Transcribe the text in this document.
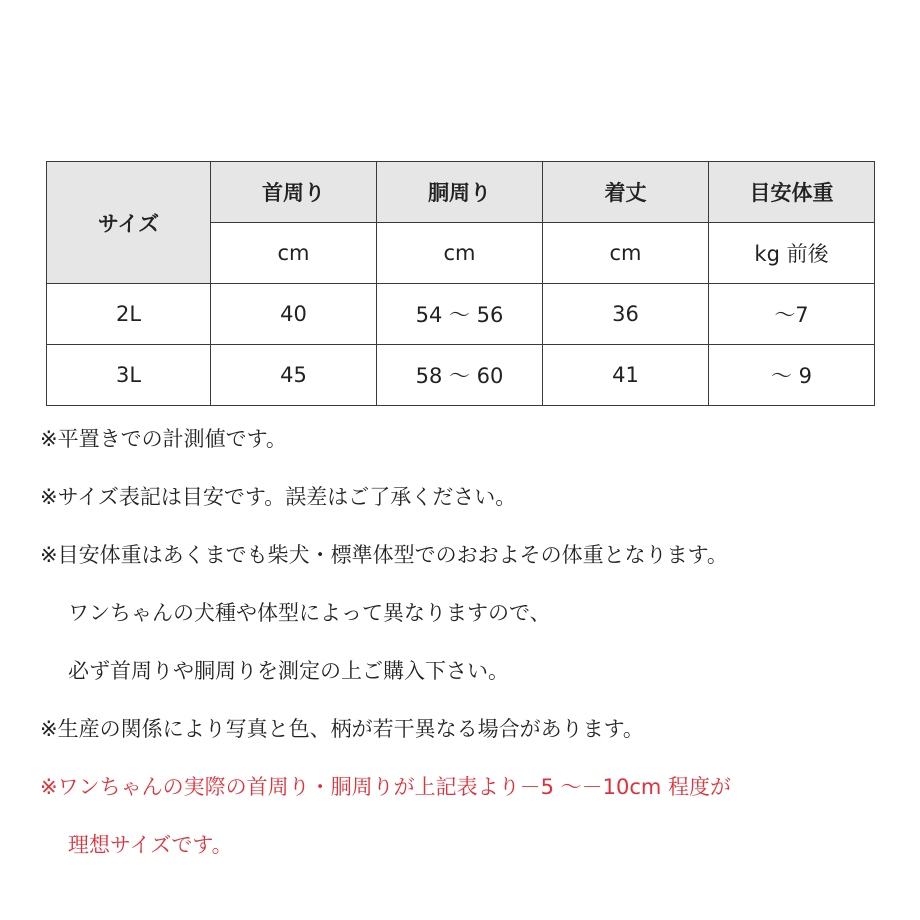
サイズ	首周り	胴周り	着丈	目安体重
	cm	cm	cm	kg 前後
2L	40	54 ～ 56	36	～7
3L	45	58 ～ 60	41	～ 9
※平置きでの計測値です。
※サイズ表記は目安です。誤差はご了承ください。
※目安体重はあくまでも柴犬・標準体型でのおおよその体重となります。
ワンちゃんの犬種や体型によって異なりますので、
必ず首周りや胴周りを測定の上ご購入下さい。
※生産の関係により写真と色、柄が若干異なる場合があります。
※ワンちゃんの実際の首周り・胴周りが上記表より－5 ～－10cm 程度が
理想サイズです。
